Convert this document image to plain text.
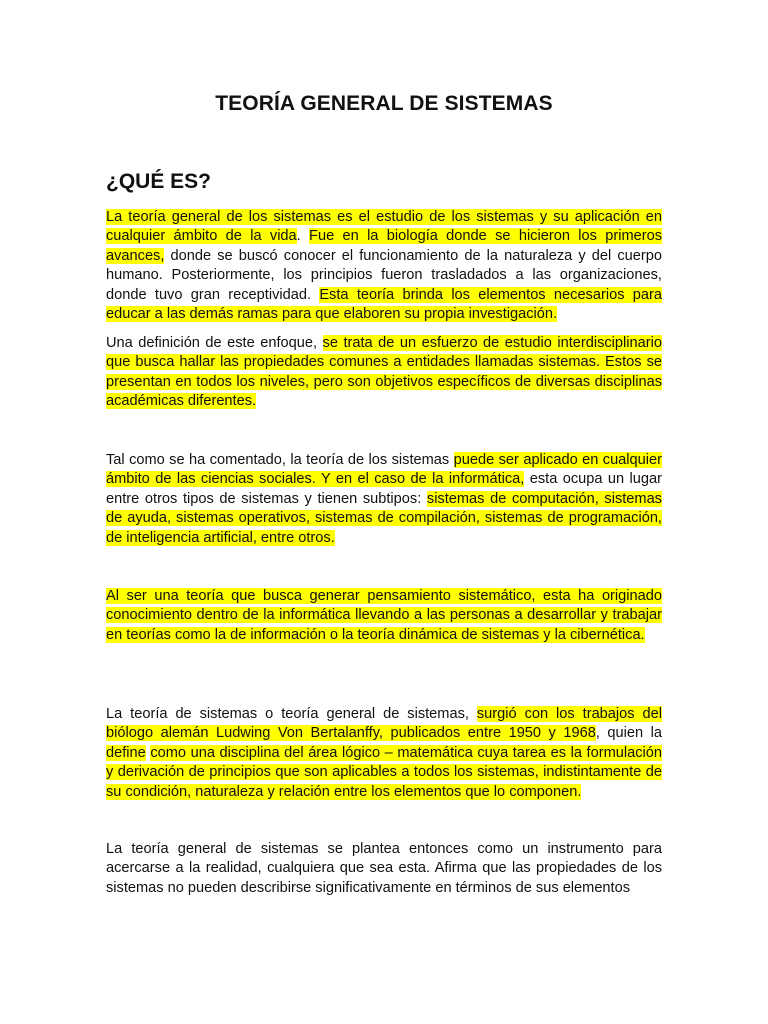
TEORÍA GENERAL DE SISTEMAS
¿QUÉ ES?

La teoría general de los sistemas es el estudio de los sistemas y su aplicación en cualquier ámbito de la vida. Fue en la biología donde se hicieron los primeros avances, donde se buscó conocer el funcionamiento de la naturaleza y del cuerpo humano. Posteriormente, los principios fueron trasladados a las organizaciones, donde tuvo gran receptividad. Esta teoría brinda los elementos necesarios para educar a las demás ramas para que elaboren su propia investigación.

Una definición de este enfoque, se trata de un esfuerzo de estudio interdisciplinario que busca hallar las propiedades comunes a entidades llamadas sistemas. Estos se presentan en todos los niveles, pero son objetivos específicos de diversas disciplinas académicas diferentes.

Tal como se ha comentado, la teoría de los sistemas puede ser aplicado en cualquier ámbito de las ciencias sociales. Y en el caso de la informática, esta ocupa un lugar entre otros tipos de sistemas y tienen subtipos: sistemas de computación, sistemas de ayuda, sistemas operativos, sistemas de compilación, sistemas de programación, de inteligencia artificial, entre otros.

Al ser una teoría que busca generar pensamiento sistemático, esta ha originado conocimiento dentro de la informática llevando a las personas a desarrollar y trabajar en teorías como la de información o la teoría dinámica de sistemas y la cibernética.

La teoría de sistemas o teoría general de sistemas, surgió con los trabajos del biólogo alemán Ludwing Von Bertalanffy, publicados entre 1950 y 1968, quien la define como una disciplina del área lógico – matemática cuya tarea es la formulación y derivación de principios que son aplicables a todos los sistemas, indistintamente de su condición, naturaleza y relación entre los elementos que lo componen.

La teoría general de sistemas se plantea entonces como un instrumento para acercarse a la realidad, cualquiera que sea esta. Afirma que las propiedades de los sistemas no pueden describirse significativamente en términos de sus elementos
